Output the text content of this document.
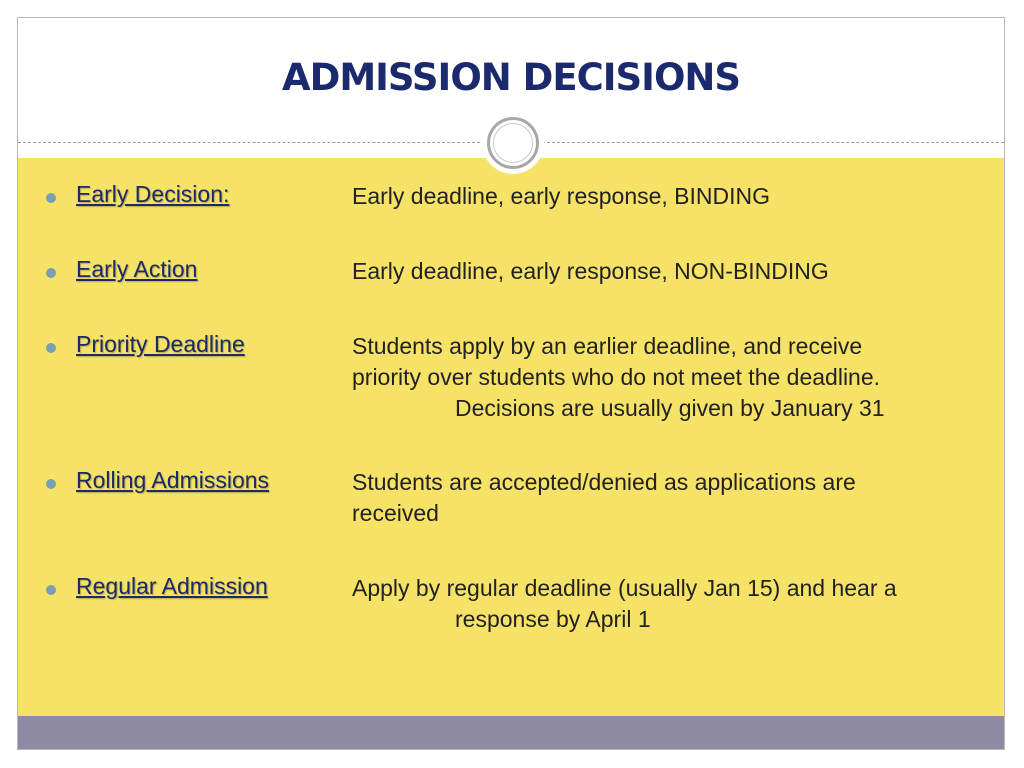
ADMISSION DECISIONS
Early Decision:	Early deadline, early response, BINDING
Early Action	Early deadline, early response, NON-BINDING
Priority Deadline	Students apply by an earlier deadline, and receive
priority over students who do not meet the deadline.
Decisions are usually given by January 31
Rolling Admissions	Students are accepted/denied as applications are
received
Regular Admission	Apply by regular deadline (usually Jan 15) and hear a
response by April 1
